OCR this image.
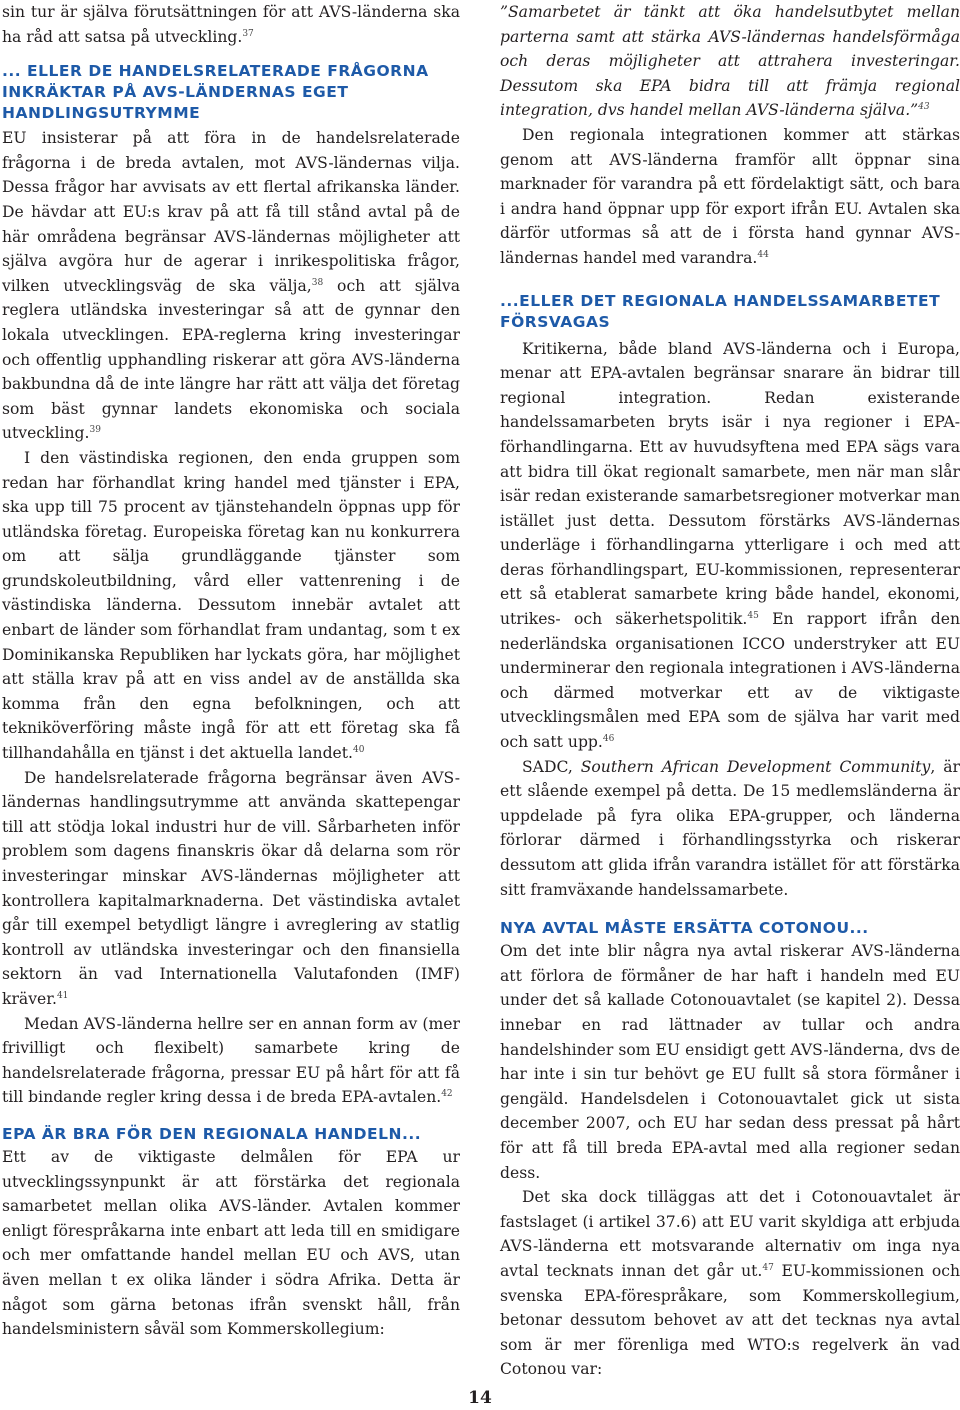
sin tur är själva förutsättningen för att AVS-länderna ska ha råd att satsa på utveckling.$^{37}$

... ELLER DE HANDELSRELATERADE FRÅGORNA INKRÄKTAR PÅ AVS-LÄNDERNAS EGET HANDLINGSUTRYMME

EU insisterar på att föra in de handelsrelaterade frågorna i de breda avtalen, mot AVS-ländernas vilja. Dessa frågor har avvisats av ett flertal afrikanska länder. De hävdar att EU:s krav på att få till stånd avtal på de här områdena begränsar AVS-ländernas möjligheter att själva avgöra hur de agerar i inrikespolitiska frågor, vilken utvecklingsväg de ska välja,$^{38}$ och att själva reglera utländska investeringar så att de gynnar den lokala utvecklingen. EPA-reglerna kring investeringar och offentlig upphandling riskerar att göra AVS-länderna bakbundna då de inte längre har rätt att välja det företag som bäst gynnar landets ekonomiska och sociala utveckling.$^{39}$

I den västindiska regionen, den enda gruppen som redan har förhandlat kring handel med tjänster i EPA, ska upp till 75 procent av tjänstehandeln öppnas upp för utländska företag. Europeiska företag kan nu konkurrera om att sälja grundläggande tjänster som grundskoleutbildning, vård eller vattenrening i de västindiska länderna. Dessutom innebär avtalet att enbart de länder som förhandlat fram undantag, som t ex Dominikanska Republiken har lyckats göra, har möjlighet att ställa krav på att en viss andel av de anställda ska komma från den egna befolkningen, och att tekniköverföring måste ingå för att ett företag ska få tillhandahålla en tjänst i det aktuella landet.$^{40}$

De handelsrelaterade frågorna begränsar även AVS-ländernas handlingsutrymme att använda skattepengar till att stödja lokal industri hur de vill. Sårbarheten inför problem som dagens finanskris ökar då delarna som rör investeringar minskar AVS-ländernas möjligheter att kontrollera kapitalmarknaderna. Det västindiska avtalet går till exempel betydligt längre i avreglering av statlig kontroll av utländska investeringar och den finansiella sektorn än vad Internationella Valutafonden (IMF) kräver.$^{41}$

Medan AVS-länderna hellre ser en annan form av (mer frivilligt och flexibelt) samarbete kring de handelsrelaterade frågorna, pressar EU på hårt för att få till bindande regler kring dessa i de breda EPA-avtalen.$^{42}$

EPA ÄR BRA FÖR DEN REGIONALA HANDELN...

Ett av de viktigaste delmålen för EPA ur utvecklingssynpunkt är att förstärka det regionala samarbetet mellan olika AVS-länder. Avtalen kommer enligt förespråkarna inte enbart att leda till en smidigare och mer omfattande handel mellan EU och AVS, utan även mellan t ex olika länder i södra Afrika. Detta är något som gärna betonas ifrån svenskt håll, från handelsministern såväl som Kommerskollegium:

”Samarbetet är tänkt att öka handelsutbytet mellan parterna samt att stärka AVS-ländernas handelsförmåga och deras möjligheter att attrahera investeringar. Dessutom ska EPA bidra till att främja regional integration, dvs handel mellan AVS-länderna själva.”$^{43}$

Den regionala integrationen kommer att stärkas genom att AVS-länderna framför allt öppnar sina marknader för varandra på ett fördelaktigt sätt, och bara i andra hand öppnar upp för export ifrån EU. Avtalen ska därför utformas så att de i första hand gynnar AVS-ländernas handel med varandra.$^{44}$

...ELLER DET REGIONALA HANDELSSAMARBETET FÖRSVAGAS

Kritikerna, både bland AVS-länderna och i Europa, menar att EPA-avtalen begränsar snarare än bidrar till regional integration. Redan existerande handelssamarbeten bryts isär i nya regioner i EPA-förhandlingarna. Ett av huvudsyftena med EPA sägs vara att bidra till ökat regionalt samarbete, men när man slår isär redan existerande samarbetsregioner motverkar man istället just detta. Dessutom förstärks AVS-ländernas underläge i förhandlingarna ytterligare i och med att deras förhandlingspart, EU-kommissionen, representerar ett så etablerat samarbete kring både handel, ekonomi, utrikes- och säkerhetspolitik.$^{45}$ En rapport ifrån den nederländska organisationen ICCO understryker att EU underminerar den regionala integrationen i AVS-länderna och därmed motverkar ett av de viktigaste utvecklingsmålen med EPA som de själva har varit med och satt upp.$^{46}$

SADC, Southern African Development Community, är ett slående exempel på detta. De 15 medlemsländerna är uppdelade på fyra olika EPA-grupper, och länderna förlorar därmed i förhandlingsstyrka och riskerar dessutom att glida ifrån varandra istället för att förstärka sitt framväxande handelssamarbete.

NYA AVTAL MÅSTE ERSÄTTA COTONOU...

Om det inte blir några nya avtal riskerar AVS-länderna att förlora de förmåner de har haft i handeln med EU under det så kallade Cotonouavtalet (se kapitel 2). Dessa innebar en rad lättnader av tullar och andra handelshinder som EU ensidigt gett AVS-länderna, dvs de har inte i sin tur behövt ge EU fullt så stora förmåner i gengäld. Handelsdelen i Cotonouavtalet gick ut sista december 2007, och EU har sedan dess pressat på hårt för att få till breda EPA-avtal med alla regioner sedan dess.

Det ska dock tilläggas att det i Cotonouavtalet är fastslaget (i artikel 37.6) att EU varit skyldiga att erbjuda AVS-länderna ett motsvarande alternativ om inga nya avtal tecknats innan det går ut.$^{47}$ EU-kommissionen och svenska EPA-förespråkare, som Kommerskollegium, betonar dessutom behovet av att det tecknas nya avtal som är mer förenliga med WTO:s regelverk än vad Cotonou var:

14
